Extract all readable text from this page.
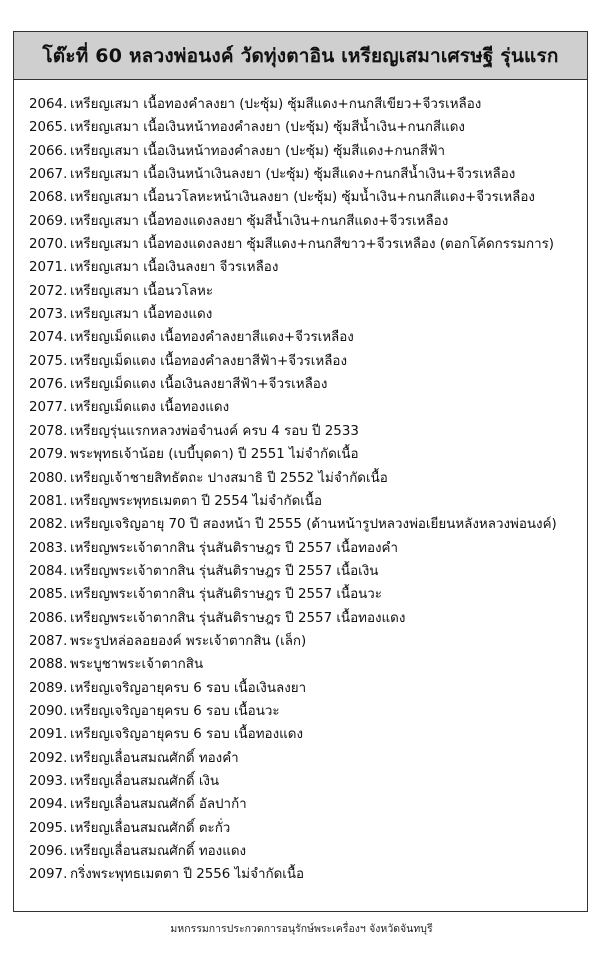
โต๊ะที่ 60 หลวงพ่อนงค์ วัดทุ่งตาอิน เหรียญเสมาเศรษฐี รุ่นแรก
2064. เหรียญเสมา เนื้อทองคำลงยา (ปะซุ้ม) ซุ้มสีแดง+กนกสีเขียว+จีวรเหลือง
2065. เหรียญเสมา เนื้อเงินหน้าทองคำลงยา (ปะซุ้ม) ซุ้มสีน้ำเงิน+กนกสีแดง
2066. เหรียญเสมา เนื้อเงินหน้าทองคำลงยา (ปะซุ้ม) ซุ้มสีแดง+กนกสีฟ้า
2067. เหรียญเสมา เนื้อเงินหน้าเงินลงยา (ปะซุ้ม) ซุ้มสีแดง+กนกสีน้ำเงิน+จีวรเหลือง
2068. เหรียญเสมา เนื้อนวโลหะหน้าเงินลงยา (ปะซุ้ม) ซุ้มน้ำเงิน+กนกสีแดง+จีวรเหลือง
2069. เหรียญเสมา เนื้อทองแดงลงยา ซุ้มสีน้ำเงิน+กนกสีแดง+จีวรเหลือง
2070. เหรียญเสมา เนื้อทองแดงลงยา ซุ้มสีแดง+กนกสีขาว+จีวรเหลือง (ตอกโค้ดกรรมการ)
2071. เหรียญเสมา เนื้อเงินลงยา จีวรเหลือง
2072. เหรียญเสมา เนื้อนวโลหะ
2073. เหรียญเสมา เนื้อทองแดง
2074. เหรียญเม็ดแตง เนื้อทองคำลงยาสีแดง+จีวรเหลือง
2075. เหรียญเม็ดแตง เนื้อทองคำลงยาสีฟ้า+จีวรเหลือง
2076. เหรียญเม็ดแตง เนื้อเงินลงยาสีฟ้า+จีวรเหลือง
2077. เหรียญเม็ดแตง เนื้อทองแดง
2078. เหรียญรุ่นแรกหลวงพ่อจำนงค์ ครบ 4 รอบ ปี 2533
2079. พระพุทธเจ้าน้อย (เบบี้บุดดา) ปี 2551 ไม่จำกัดเนื้อ
2080. เหรียญเจ้าชายสิทธัตถะ ปางสมาธิ ปี 2552 ไม่จำกัดเนื้อ
2081. เหรียญพระพุทธเมตตา ปี 2554 ไม่จำกัดเนื้อ
2082. เหรียญเจริญอายุ 70 ปี สองหน้า ปี 2555 (ด้านหน้ารูปหลวงพ่อเยียนหลังหลวงพ่อนงค์)
2083. เหรียญพระเจ้าตากสิน รุ่นสันติราษฎร ปี 2557 เนื้อทองคำ
2084. เหรียญพระเจ้าตากสิน รุ่นสันติราษฎร ปี 2557 เนื้อเงิน
2085. เหรียญพระเจ้าตากสิน รุ่นสันติราษฎร ปี 2557 เนื้อนวะ
2086. เหรียญพระเจ้าตากสิน รุ่นสันติราษฎร ปี 2557 เนื้อทองแดง
2087. พระรูปหล่อลอยองค์ พระเจ้าตากสิน (เล็ก)
2088. พระบูชาพระเจ้าตากสิน
2089. เหรียญเจริญอายุครบ 6 รอบ เนื้อเงินลงยา
2090. เหรียญเจริญอายุครบ 6 รอบ เนื้อนวะ
2091. เหรียญเจริญอายุครบ 6 รอบ เนื้อทองแดง
2092. เหรียญเลื่อนสมณศักดิ์ ทองคำ
2093. เหรียญเลื่อนสมณศักดิ์ เงิน
2094. เหรียญเลื่อนสมณศักดิ์ อัลปาก้า
2095. เหรียญเลื่อนสมณศักดิ์ ตะกั่ว
2096. เหรียญเลื่อนสมณศักดิ์ ทองแดง
2097. กริ่งพระพุทธเมตตา ปี 2556 ไม่จำกัดเนื้อ
มหกรรมการประกวดการอนุรักษ์พระเครื่องฯ จังหวัดจันทบุรี
